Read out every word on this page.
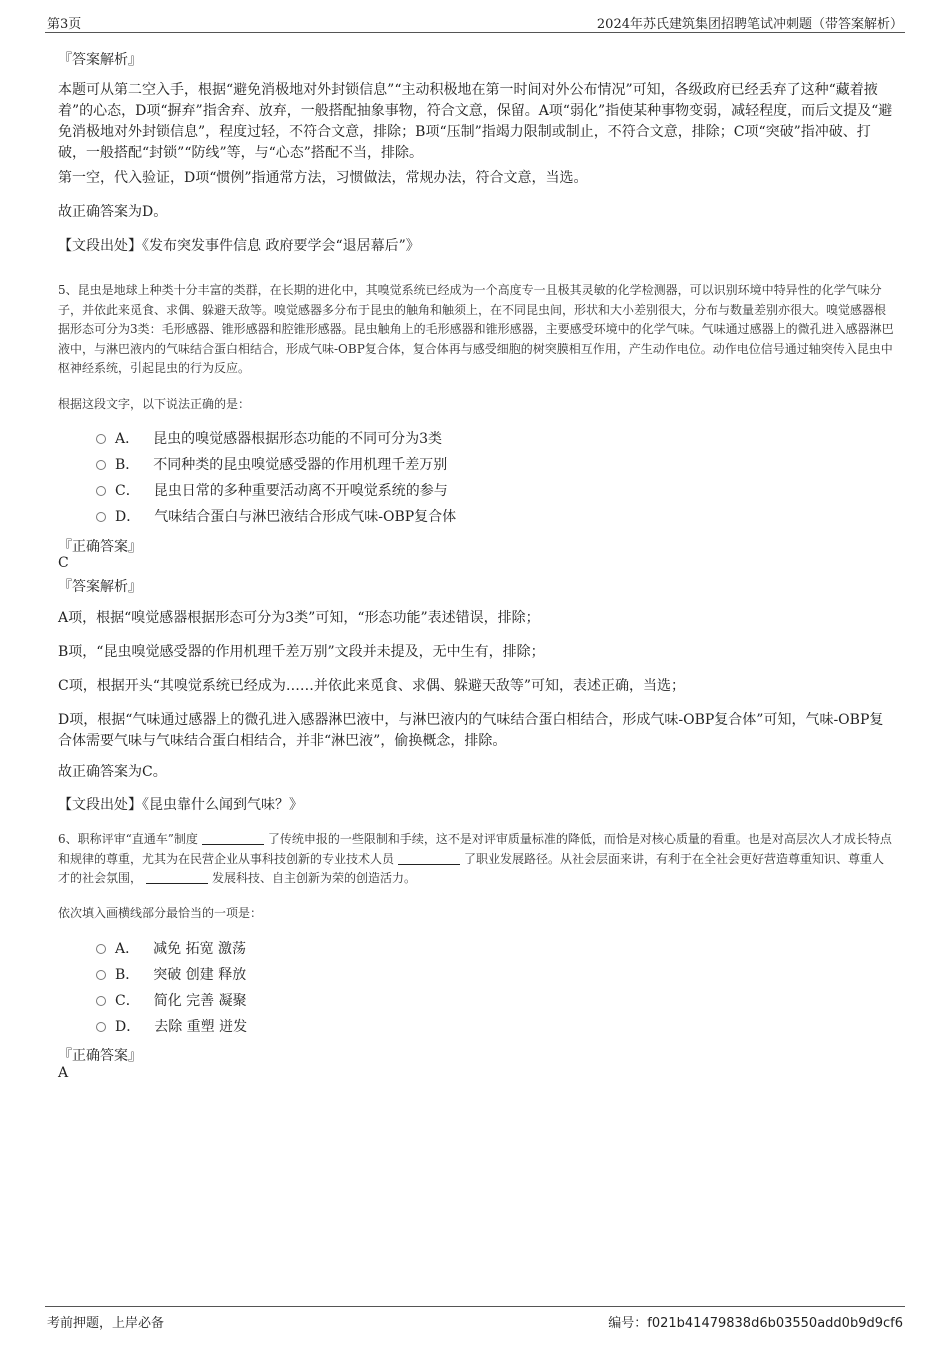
第3页	2024年苏氏建筑集团招聘笔试冲刺题（带答案解析）
『答案解析』

本题可从第二空入手，根据“避免消极地对外封锁信息”“主动积极地在第一时间对外公布情况”可知，各级政府已经丢弃了这种“藏着掖着”的心态，D项“摒弃”指舍弃、放弃，一般搭配抽象事物，符合文意，保留。A项“弱化”指使某种事物变弱，减轻程度，而后文提及“避免消极地对外封锁信息”，程度过轻，不符合文意，排除；B项“压制”指竭力限制或制止，不符合文意，排除；C项“突破”指冲破、打破，一般搭配“封锁”“防线”等，与“心态”搭配不当，排除。

第一空，代入验证，D项“惯例”指通常方法，习惯做法，常规办法，符合文意，当选。

故正确答案为D。

【文段出处】《发布突发事件信息 政府要学会“退居幕后”》

5、昆虫是地球上种类十分丰富的类群，在长期的进化中，其嗅觉系统已经成为一个高度专一且极其灵敏的化学检测器，可以识别环境中特异性的化学气味分子，并依此来觅食、求偶、躲避天敌等。嗅觉感器多分布于昆虫的触角和触须上，在不同昆虫间，形状和大小差别很大，分布与数量差别亦很大。嗅觉感器根据形态可分为3类：毛形感器、锥形感器和腔锥形感器。昆虫触角上的毛形感器和锥形感器，主要感受环境中的化学气味。气味通过感器上的微孔进入感器淋巴液中，与淋巴液内的气味结合蛋白相结合，形成气味-OBP复合体，复合体再与感受细胞的树突膜相互作用，产生动作电位。动作电位信号通过轴突传入昆虫中枢神经系统，引起昆虫的行为反应。

根据这段文字，以下说法正确的是：

A． 昆虫的嗅觉感器根据形态功能的不同可分为3类
B． 不同种类的昆虫嗅觉感受器的作用机理千差万别
C． 昆虫日常的多种重要活动离不开嗅觉系统的参与
D． 气味结合蛋白与淋巴液结合形成气味-OBP复合体
『正确答案』
C
『答案解析』

A项，根据“嗅觉感器根据形态可分为3类”可知，“形态功能”表述错误，排除；

B项，“昆虫嗅觉感受器的作用机理千差万别”文段并未提及，无中生有，排除；

C项，根据开头“其嗅觉系统已经成为……并依此来觅食、求偶、躲避天敌等”可知，表述正确，当选；

D项，根据“气味通过感器上的微孔进入感器淋巴液中，与淋巴液内的气味结合蛋白相结合，形成气味-OBP复合体”可知，气味-OBP复合体需要气味与气味结合蛋白相结合，并非“淋巴液”，偷换概念，排除。

故正确答案为C。

【文段出处】《昆虫靠什么闻到气味？》

6、职称评审“直通车”制度	了传统申报的一些限制和手续，这不是对评审质量标准的降低，而恰是对核心质量的看重。也是对高层次人才成长特点和规律的尊重，尤其为在民营企业从事科技创新的专业技术人员	了职业发展路径。从社会层面来讲，有利于在全社会更好营造尊重知识、尊重人才的社会氛围，	发展科技、自主创新为荣的创造活力。

依次填入画横线部分最恰当的一项是：

A． 减免 拓宽 激荡
B． 突破 创建 释放
C． 简化 完善 凝聚
D． 去除 重塑 迸发
『正确答案』
A
考前押题，上岸必备	编号：f021b41479838d6b03550add0b9d9cf6
